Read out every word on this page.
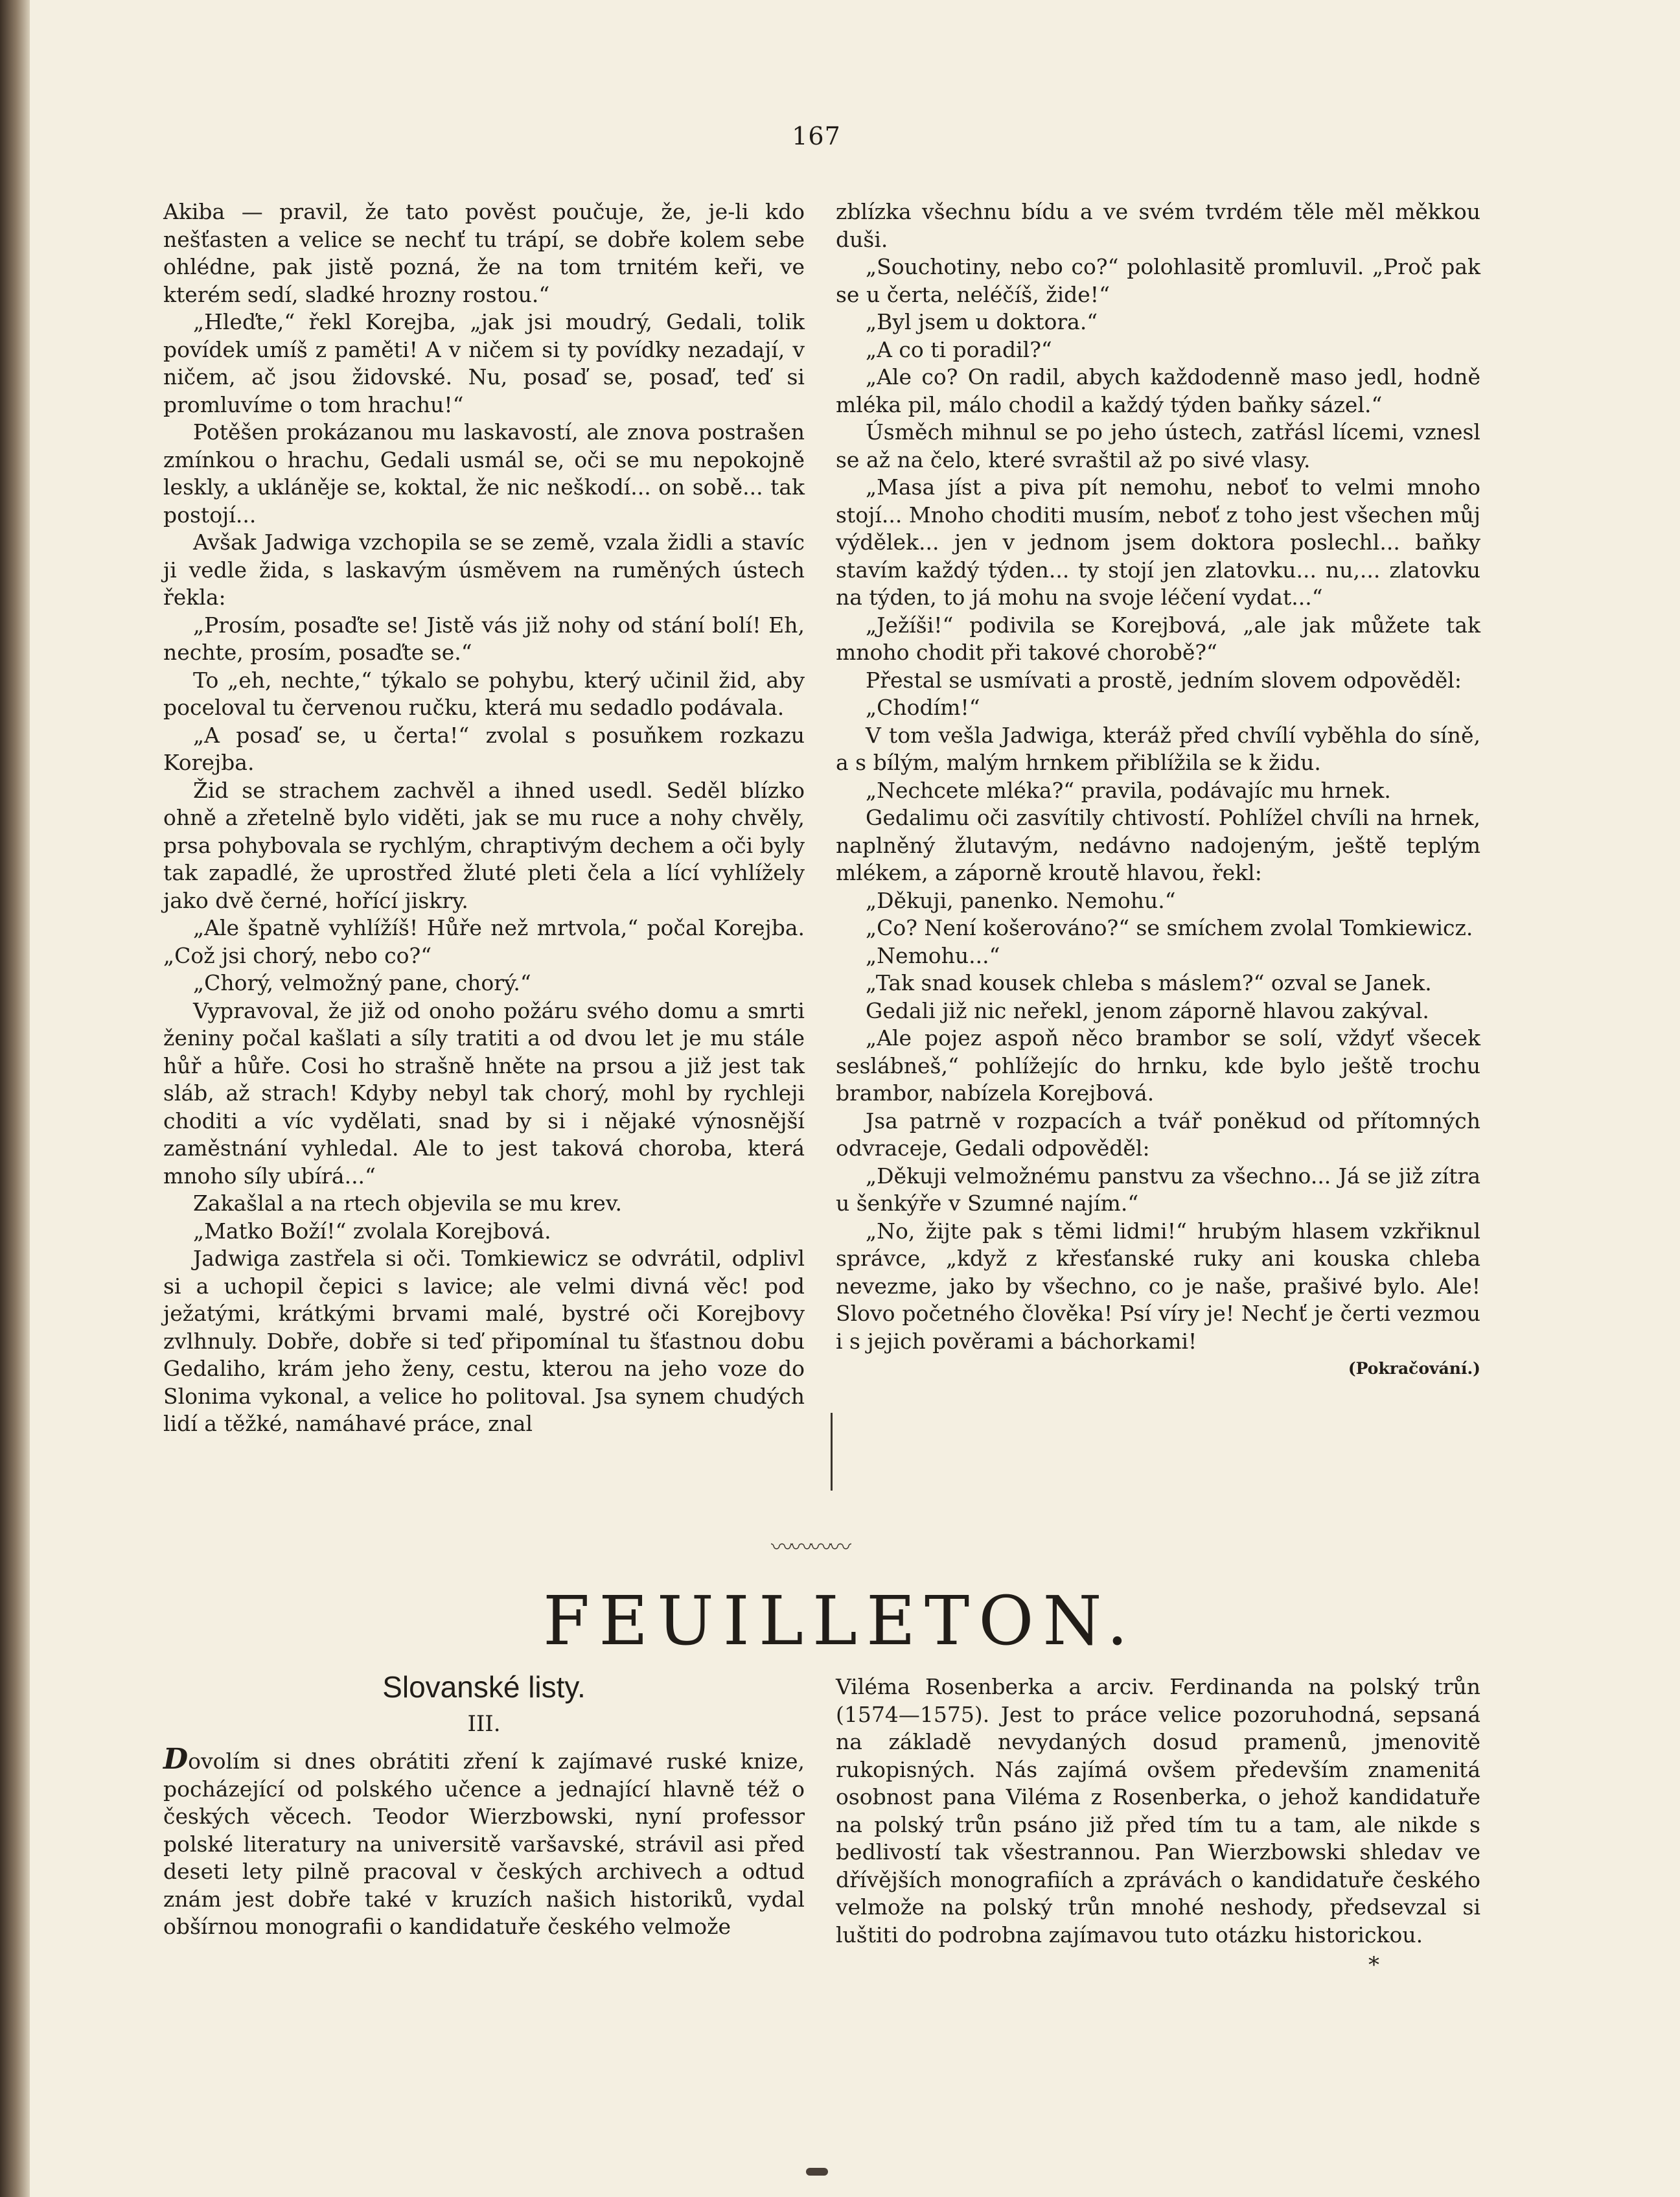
167

Akiba — pravil, že tato pověst poučuje, že, je-li kdo nešťasten a velice se nechť tu trápí, se dobře kolem sebe ohlédne, pak jistě pozná, že na tom trnitém keři, ve kterém sedí, sladké hrozny rostou.“

„Hleďte,“ řekl Korejba, „jak jsi moudrý, Gedali, tolik povídek umíš z paměti! A v ničem si ty povídky nezadají, v ničem, ač jsou židovské. Nu, posaď se, posaď, teď si promluvíme o tom hrachu!“

Potěšen prokázanou mu laskavostí, ale znova postrašen zmínkou o hrachu, Gedali usmál se, oči se mu nepokojně leskly, a ukláněje se, koktal, že nic neškodí... on sobě... tak postojí...

Avšak Jadwiga vzchopila se se země, vzala židli a stavíc ji vedle žida, s laskavým úsměvem na ruměných ústech řekla:

„Prosím, posaďte se! Jistě vás již nohy od stání bolí! Eh, nechte, prosím, posaďte se.“

To „eh, nechte,“ týkalo se pohybu, který učinil žid, aby poceloval tu červenou ručku, která mu sedadlo podávala.

„A posaď se, u čerta!“ zvolal s posuňkem rozkazu Korejba.

Žid se strachem zachvěl a ihned usedl. Seděl blízko ohně a zřetelně bylo viděti, jak se mu ruce a nohy chvěly, prsa pohybovala se rychlým, chraptivým dechem a oči byly tak zapadlé, že uprostřed žluté pleti čela a lící vyhlížely jako dvě černé, hořící jiskry.

„Ale špatně vyhlížíš! Hůře než mrtvola,“ počal Korejba. „Což jsi chorý, nebo co?“

„Chorý, velmožný pane, chorý.“

Vypravoval, že již od onoho požáru svého domu a smrti ženiny počal kašlati a síly tratiti a od dvou let je mu stále hůř a hůře. Cosi ho strašně hněte na prsou a již jest tak sláb, až strach! Kdyby nebyl tak chorý, mohl by rychleji choditi a víc vydělati, snad by si i nějaké výnosnější zaměstnání vyhledal. Ale to jest taková choroba, která mnoho síly ubírá...“

Zakašlal a na rtech objevila se mu krev.

„Matko Boží!“ zvolala Korejbová.

Jadwiga zastřela si oči. Tomkiewicz se odvrátil, odplivl si a uchopil čepici s lavice; ale velmi divná věc! pod ježatými, krátkými brvami malé, bystré oči Korejbovy zvlhnuly. Dobře, dobře si teď připomínal tu šťastnou dobu Gedaliho, krám jeho ženy, cestu, kterou na jeho voze do Slonima vykonal, a velice ho politoval. Jsa synem chudých lidí a těžké, namáhavé práce, znal

zblízka všechnu bídu a ve svém tvrdém těle měl měkkou duši.

„Souchotiny, nebo co?“ polohlasitě promluvil. „Proč pak se u čerta, neléčíš, žide!“

„Byl jsem u doktora.“

„A co ti poradil?“

„Ale co? On radil, abych každodenně maso jedl, hodně mléka pil, málo chodil a každý týden baňky sázel.“

Úsměch mihnul se po jeho ústech, zatřásl lícemi, vznesl se až na čelo, které svraštil až po sivé vlasy.

„Masa jíst a piva pít nemohu, neboť to velmi mnoho stojí... Mnoho choditi musím, neboť z toho jest všechen můj výdělek... jen v jednom jsem doktora poslechl... baňky stavím každý týden... ty stojí jen zlatovku... nu,... zlatovku na týden, to já mohu na svoje léčení vydat...“

„Ježíši!“ podivila se Korejbová, „ale jak můžete tak mnoho chodit při takové chorobě?“

Přestal se usmívati a prostě, jedním slovem odpověděl:

„Chodím!“

V tom vešla Jadwiga, kteráž před chvílí vyběhla do síně, a s bílým, malým hrnkem přiblížila se k židu.

„Nechcete mléka?“ pravila, podávajíc mu hrnek.

Gedalimu oči zasvítily chtivostí. Pohlížel chvíli na hrnek, naplněný žlutavým, nedávno nadojeným, ještě teplým mlékem, a záporně kroutě hlavou, řekl:

„Děkuji, panenko. Nemohu.“

„Co? Není košerováno?“ se smíchem zvolal Tomkiewicz.

„Nemohu...“

„Tak snad kousek chleba s máslem?“ ozval se Janek.

Gedali již nic neřekl, jenom záporně hlavou zakýval.

„Ale pojez aspoň něco brambor se solí, vždyť všecek seslábneš,“ pohlížejíc do hrnku, kde bylo ještě trochu brambor, nabízela Korejbová.

Jsa patrně v rozpacích a tvář poněkud od přítomných odvraceje, Gedali odpověděl:

„Děkuji velmožnému panstvu za všechno... Já se již zítra u šenkýře v Szumné najím.“

„No, žijte pak s těmi lidmi!“ hrubým hlasem vzkřiknul správce, „když z křesťanské ruky ani kouska chleba nevezme, jako by všechno, co je naše, prašivé bylo. Ale! Slovo početného člověka! Psí víry je! Nechť je čerti vezmou i s jejich pověrami a báchorkami!

(Pokračování.)

〰〰〰〰
FEUILLETON.
Slovanské listy.
III.

Dovolím si dnes obrátiti zření k zajímavé ruské knize, pocházející od polského učence a jednající hlavně též o českých věcech. Teodor Wierzbowski, nyní professor polské literatury na universitě varšavské, strávil asi před deseti lety pilně pracoval v českých archivech a odtud znám jest dobře také v kruzích našich historiků, vydal obšírnou monografii o kandidatuře českého velmože

Viléma Rosenberka a arciv. Ferdinanda na polský trůn (1574—1575). Jest to práce velice pozoruhodná, sepsaná na základě nevydaných dosud pramenů, jmenovitě rukopisných. Nás zajímá ovšem především znamenitá osobnost pana Viléma z Rosenberka, o jehož kandidatuře na polský trůn psáno již před tím tu a tam, ale nikde s bedlivostí tak všestrannou. Pan Wierzbowski shledav ve dřívějších monografiích a zprávách o kandidatuře českého velmože na polský trůn mnohé neshody, předsevzal si luštiti do podrobna zajímavou tuto otázku historickou.

*
